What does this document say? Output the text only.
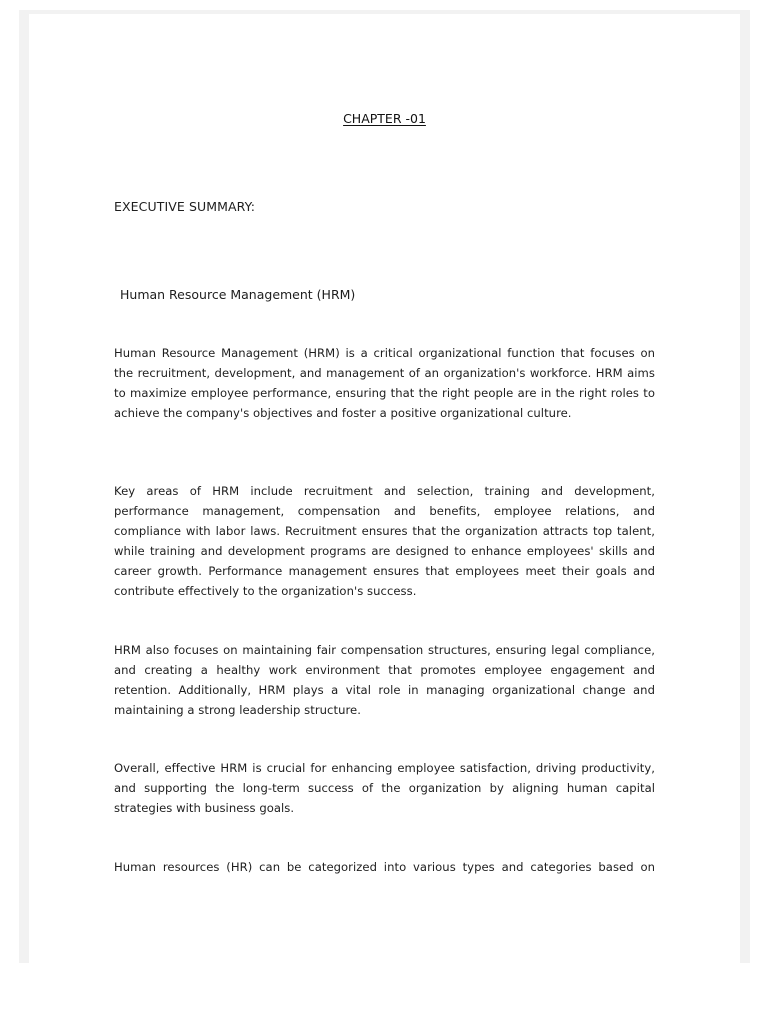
CHAPTER -01
EXECUTIVE SUMMARY:
Human Resource Management (HRM)

Human Resource Management (HRM) is a critical organizational function that focuses on the recruitment, development, and management of an organization's workforce. HRM aims to maximize employee performance, ensuring that the right people are in the right roles to achieve the company's objectives and foster a positive organizational culture.

Key areas of HRM include recruitment and selection, training and development, performance management, compensation and benefits, employee relations, and compliance with labor laws. Recruitment ensures that the organization attracts top talent, while training and development programs are designed to enhance employees' skills and career growth. Performance management ensures that employees meet their goals and contribute effectively to the organization's success.

HRM also focuses on maintaining fair compensation structures, ensuring legal compliance, and creating a healthy work environment that promotes employee engagement and retention. Additionally, HRM plays a vital role in managing organizational change and maintaining a strong leadership structure.

Overall, effective HRM is crucial for enhancing employee satisfaction, driving productivity, and supporting the long-term success of the organization by aligning human capital strategies with business goals.

Human resources (HR) can be categorized into various types and categories based on
